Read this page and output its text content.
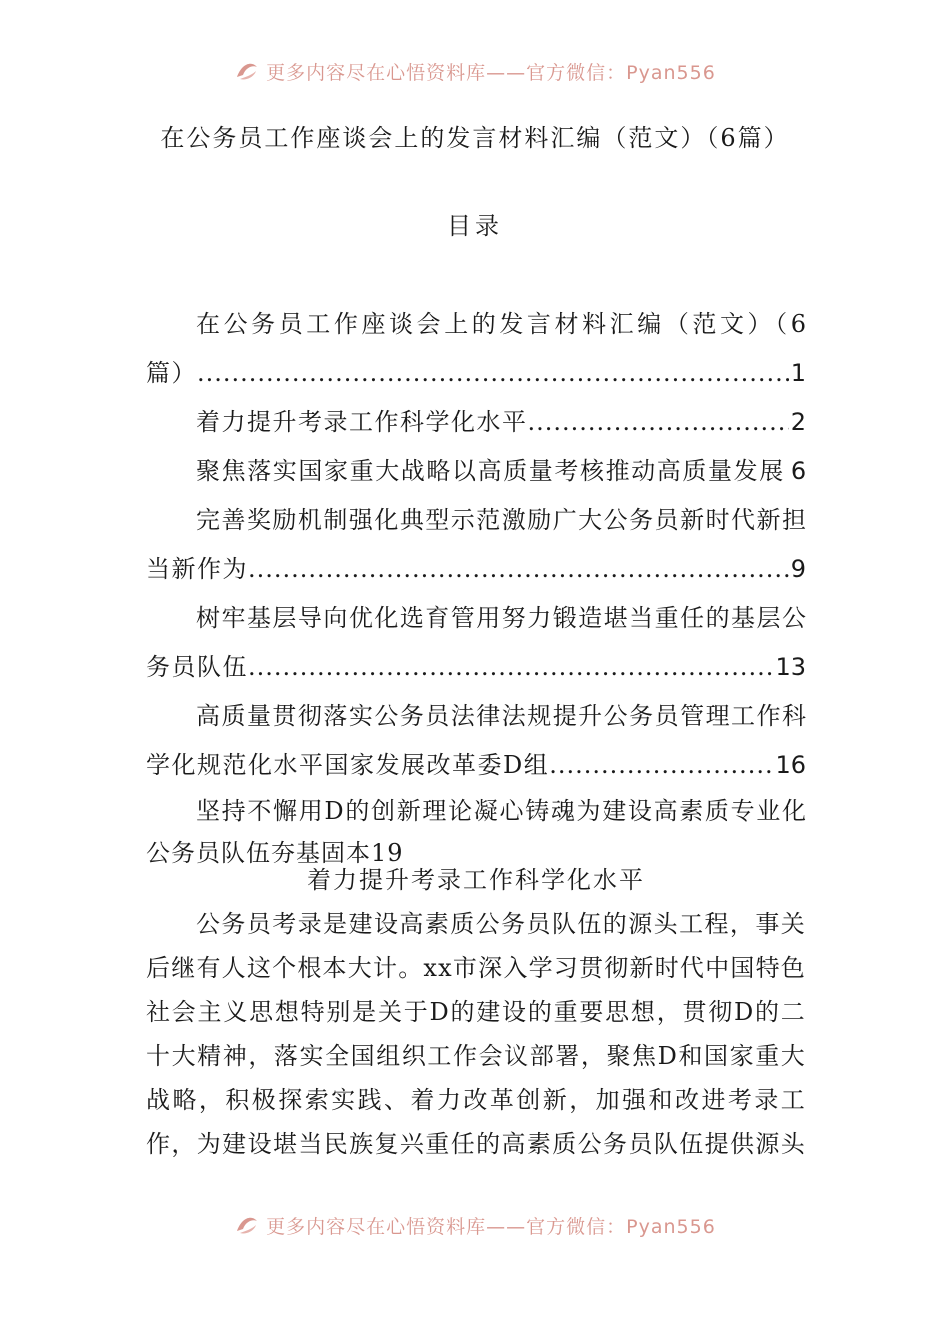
更多内容尽在心悟资料库——官方微信：Pyan556
在公务员工作座谈会上的发言材料汇编（范文）（6篇）
目录
在公务员工作座谈会上的发言材料汇编（范文）（6
篇） .....	1
着力提升考录工作科学化水平 .....	2
聚焦落实国家重大战略以高质量考核推动高质量发展 6
完善奖励机制强化典型示范激励广大公务员新时代新担
当新作为 .....	9
树牢基层导向优化选育管用努力锻造堪当重任的基层公
务员队伍 .....	13
高质量贯彻落实公务员法律法规提升公务员管理工作科
学化规范化水平国家发展改革委D组 .....	16
坚持不懈用D的创新理论凝心铸魂为建设高素质专业化
公务员队伍夯基固本19
着力提升考录工作科学化水平
公务员考录是建设高素质公务员队伍的源头工程，事关后继有人这个根本大计。xx市深入学习贯彻新时代中国特色社会主义思想特别是关于D的建设的重要思想，贯彻D的二十大精神，落实全国组织工作会议部署，聚焦D和国家重大战略，积极探索实践、着力改革创新，加强和改进考录工作，为建设堪当民族复兴重任的高素质公务员队伍提供源头
更多内容尽在心悟资料库——官方微信：Pyan556
